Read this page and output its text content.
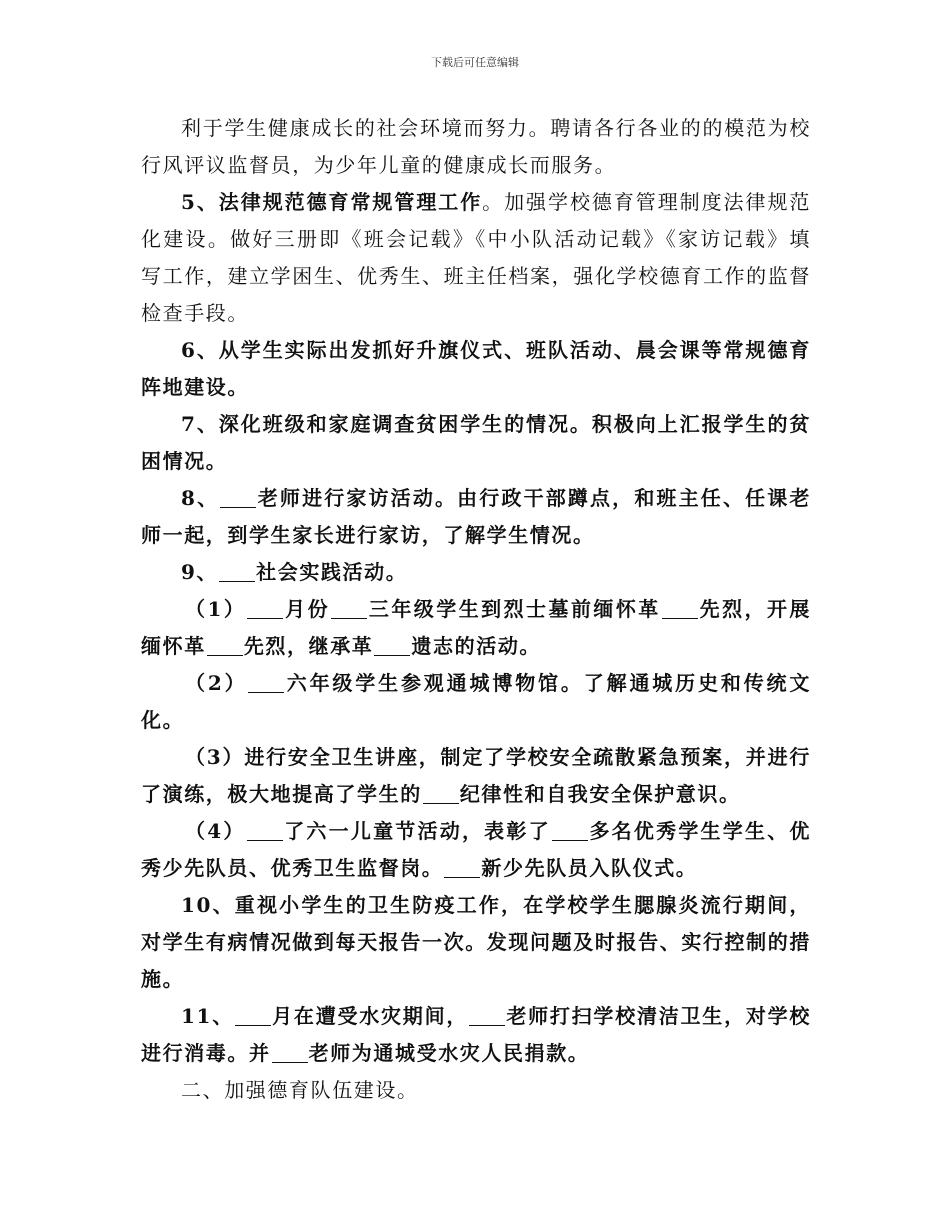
下载后可任意编辑

利于学生健康成长的社会环境而努力。聘请各行各业的的模范为校行风评议监督员，为少年儿童的健康成长而服务。

5、法律规范德育常规管理工作。加强学校德育管理制度法律规范化建设。做好三册即《班会记载》《中小队活动记载》《家访记载》填写工作，建立学困生、优秀生、班主任档案，强化学校德育工作的监督检查手段。

6、从学生实际出发抓好升旗仪式、班队活动、晨会课等常规德育阵地建设。

7、深化班级和家庭调查贫困学生的情况。积极向上汇报学生的贫困情况。

8、 老师进行家访活动。由行政干部蹲点，和班主任、任课老师一起，到学生家长进行家访，了解学生情况。

9、 社会实践活动。

（1） 月份 三年级学生到烈士墓前缅怀革 先烈，开展缅怀革 先烈，继承革 遗志的活动。

（2） 六年级学生参观通城博物馆。了解通城历史和传统文化。

（3）进行安全卫生讲座，制定了学校安全疏散紧急预案，并进行了演练，极大地提高了学生的 纪律性和自我安全保护意识。

（4） 了六一儿童节活动，表彰了 多名优秀学生学生、优秀少先队员、优秀卫生监督岗。 新少先队员入队仪式。

10、重视小学生的卫生防疫工作，在学校学生腮腺炎流行期间，对学生有病情况做到每天报告一次。发现问题及时报告、实行控制的措施。

11、 月在遭受水灾期间， 老师打扫学校清洁卫生，对学校进行消毒。并 老师为通城受水灾人民捐款。

二、加强德育队伍建设。
